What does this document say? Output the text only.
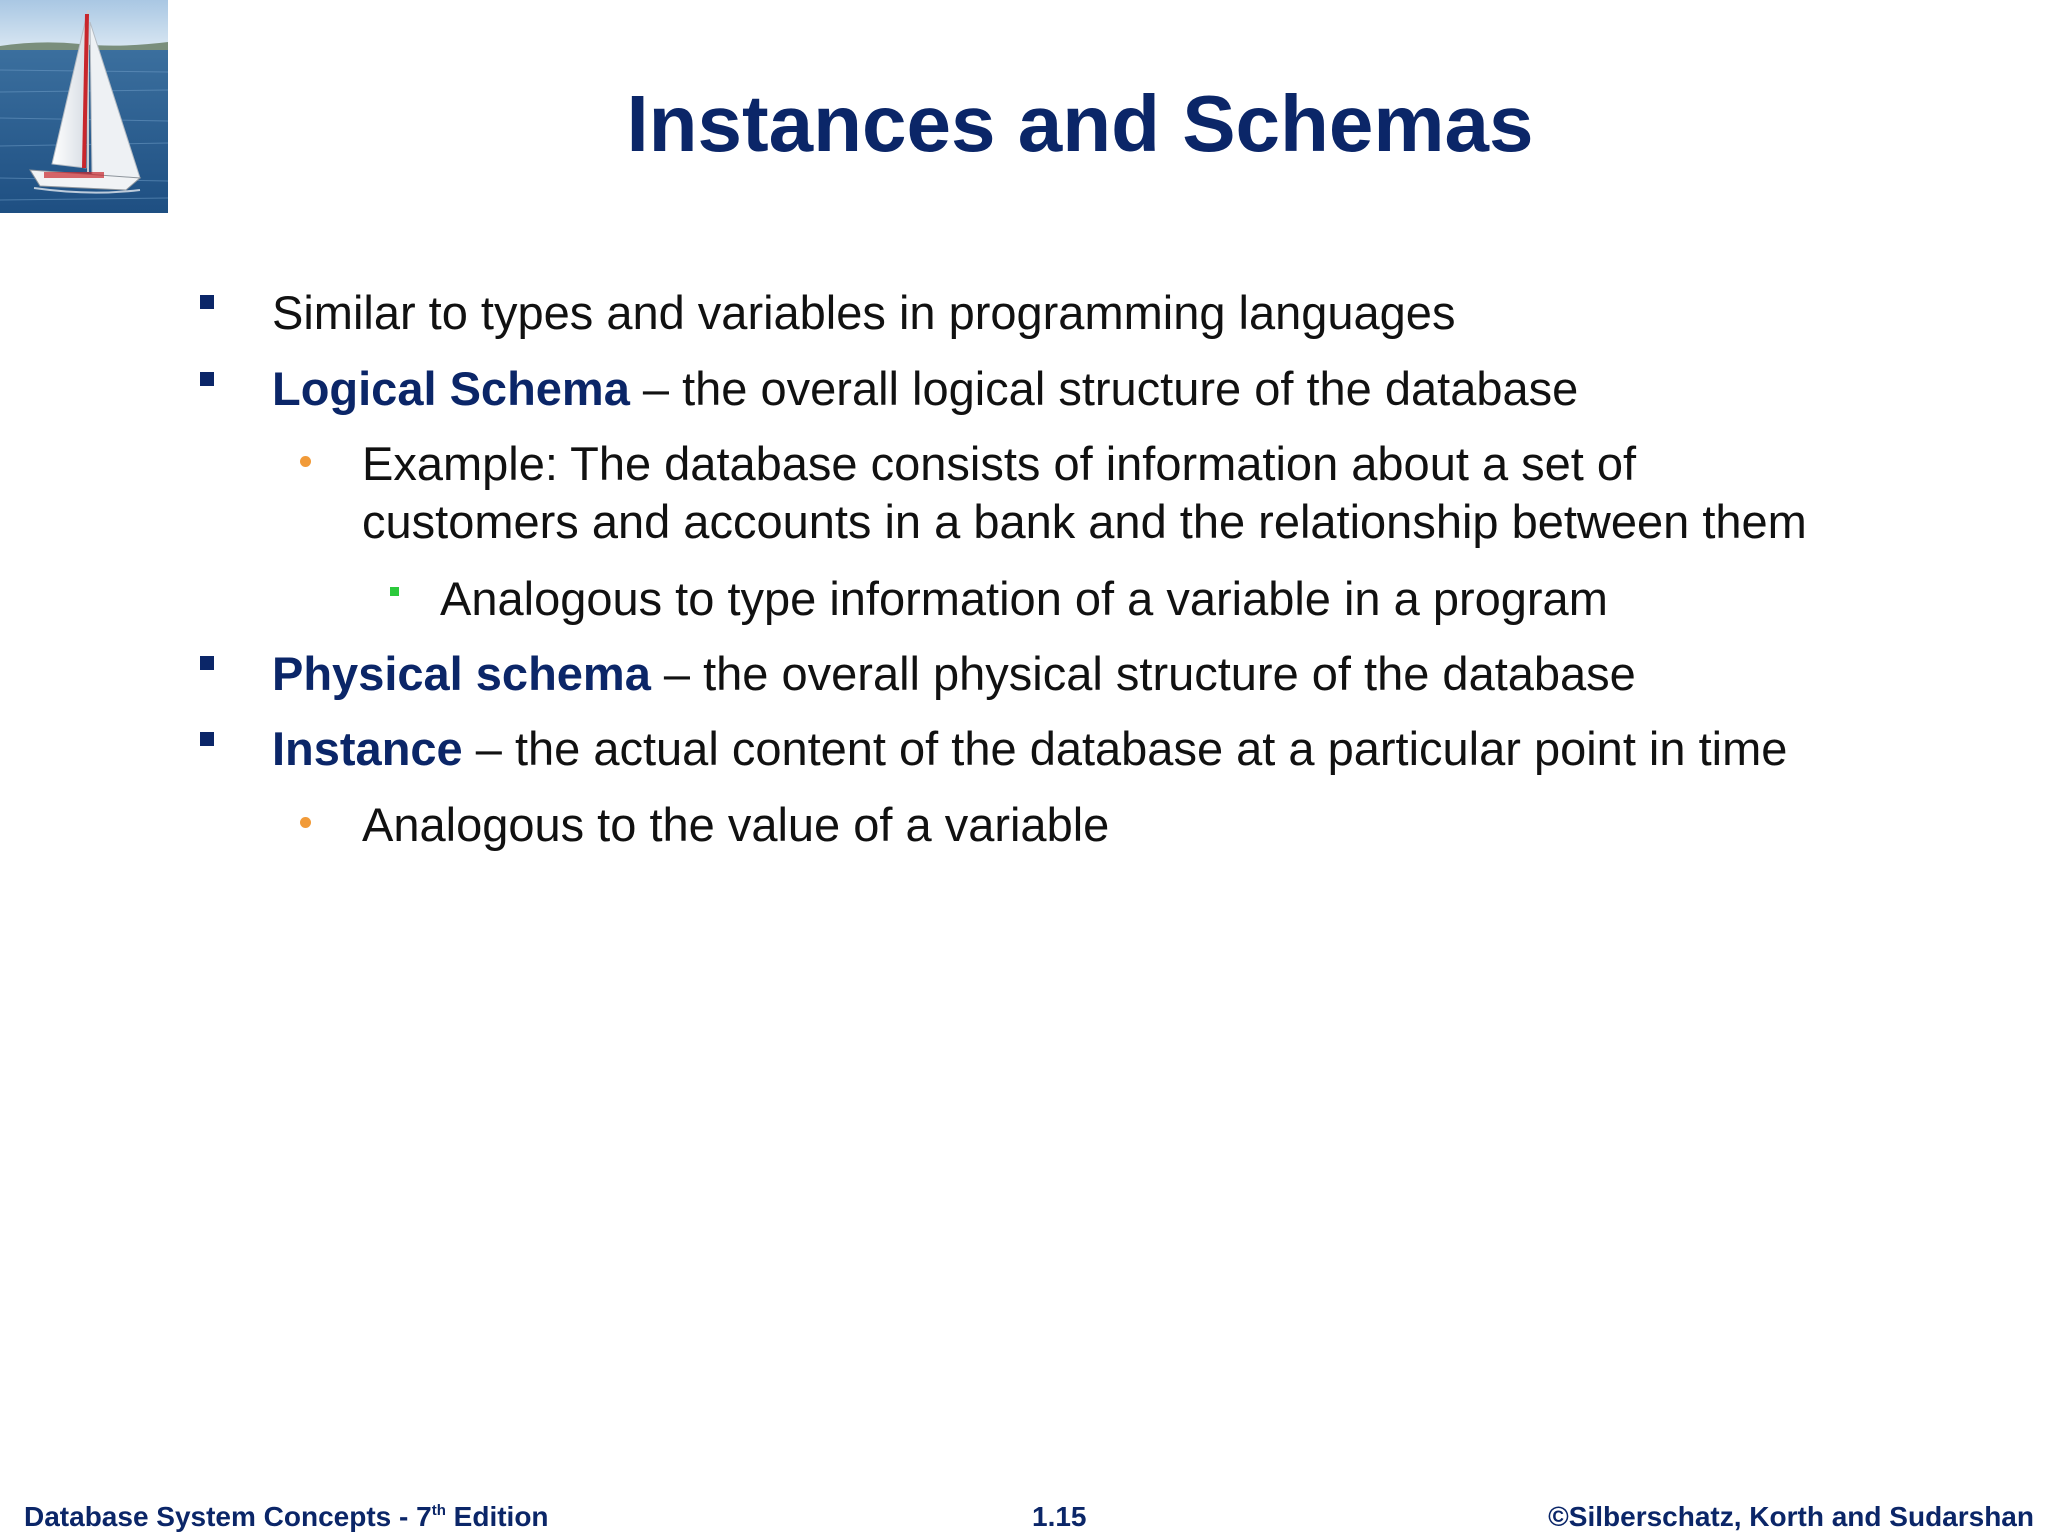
Instances and Schemas
Similar to types and variables in programming languages
Logical Schema – the overall logical structure of the database
Example: The database consists of information about a set of
customers and accounts in a bank and the relationship between them
Analogous to type information of a variable in a program
Physical schema – the overall physical structure of the database
Instance – the actual content of the database at a particular point in time
Analogous to the value of a variable
Database System Concepts - 7th Edition	1.15	©Silberschatz, Korth and Sudarshan
